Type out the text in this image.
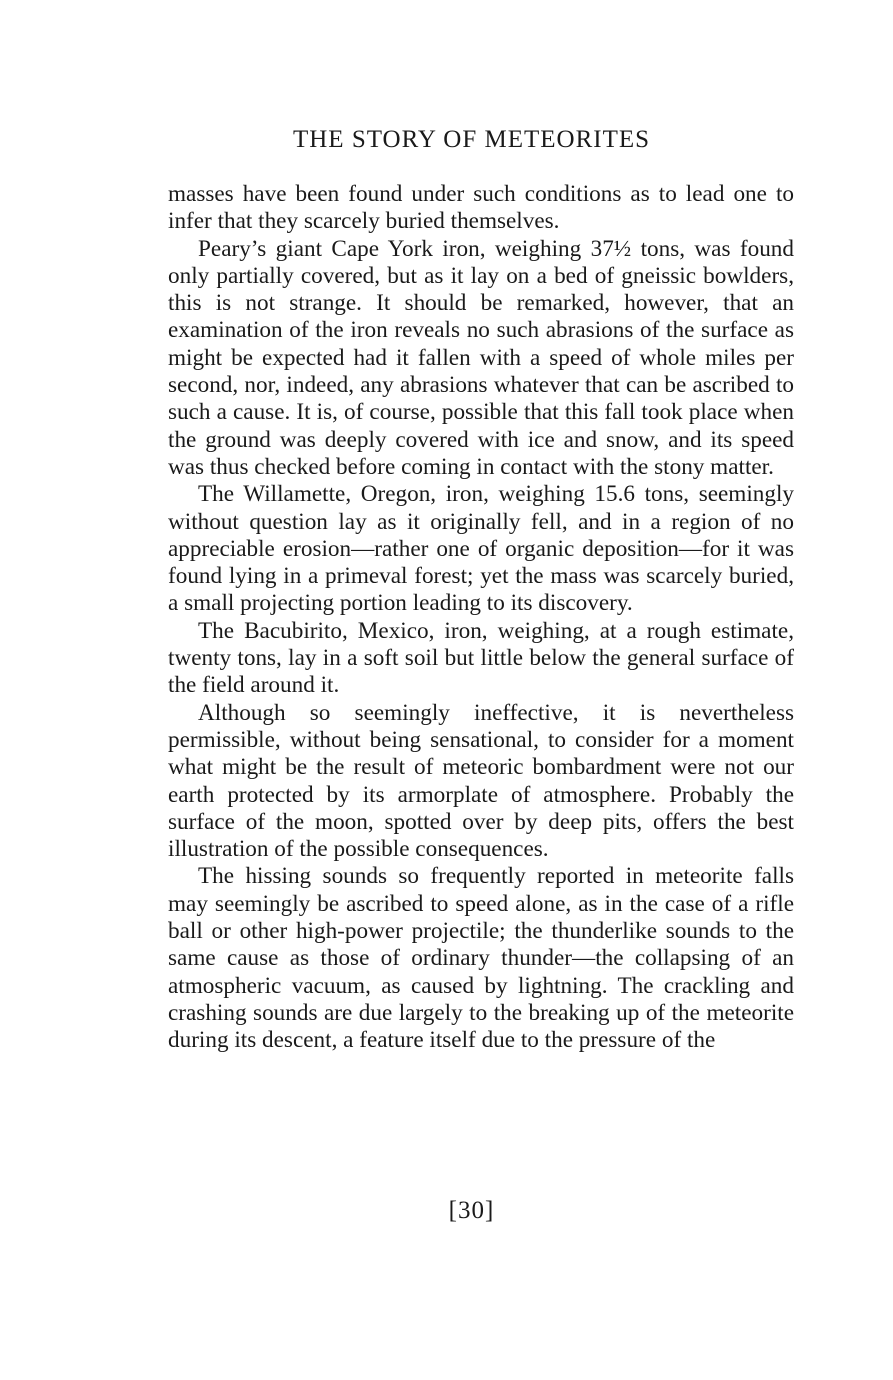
THE STORY OF METEORITES

masses have been found under such conditions as to lead one to infer that they scarcely buried themselves.

Peary’s giant Cape York iron, weighing 37½ tons, was found only partially covered, but as it lay on a bed of gneissic bowlders, this is not strange. It should be remarked, however, that an examination of the iron reveals no such abrasions of the surface as might be expected had it fallen with a speed of whole miles per second, nor, indeed, any abrasions whatever that can be ascribed to such a cause. It is, of course, possible that this fall took place when the ground was deeply covered with ice and snow, and its speed was thus checked before coming in contact with the stony matter.

The Willamette, Oregon, iron, weighing 15.6 tons, seemingly without question lay as it originally fell, and in a region of no appreciable erosion—rather one of organic deposition—for it was found lying in a primeval forest; yet the mass was scarcely buried, a small projecting portion leading to its discovery.

The Bacubirito, Mexico, iron, weighing, at a rough estimate, twenty tons, lay in a soft soil but little below the general surface of the field around it.

Although so seemingly ineffective, it is nevertheless permissible, without being sensational, to consider for a moment what might be the result of meteoric bombardment were not our earth protected by its armorplate of atmosphere. Probably the surface of the moon, spotted over by deep pits, offers the best illustration of the possible consequences.

The hissing sounds so frequently reported in meteorite falls may seemingly be ascribed to speed alone, as in the case of a rifle ball or other high-power projectile; the thunderlike sounds to the same cause as those of ordinary thunder—the collapsing of an atmospheric vacuum, as caused by lightning. The crackling and crashing sounds are due largely to the breaking up of the meteorite during its descent, a feature itself due to the pressure of the

[30]
